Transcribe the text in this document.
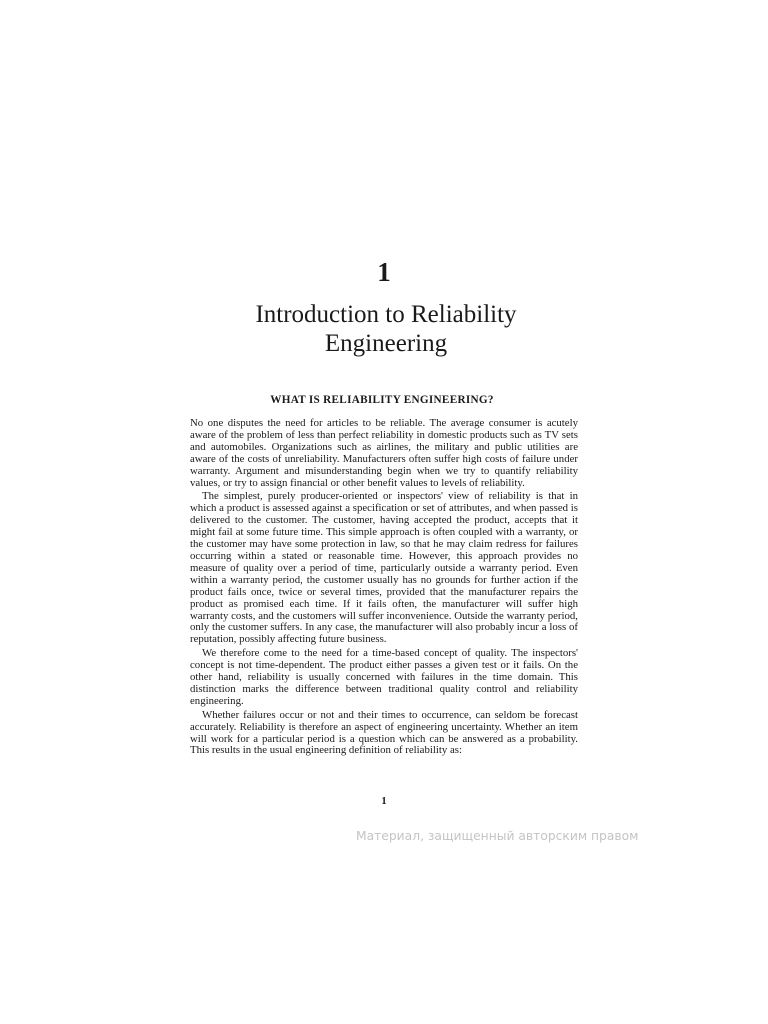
1
Introduction to Reliability
Engineering
WHAT IS RELIABILITY ENGINEERING?

No one disputes the need for articles to be reliable. The average consumer is acutely aware of the problem of less than perfect reliability in domestic products such as TV sets and automobiles. Organizations such as airlines, the military and public utilities are aware of the costs of unreliability. Manufacturers often suffer high costs of failure under warranty. Argument and misunderstanding begin when we try to quantify reliability values, or try to assign financial or other benefit values to levels of reliability.

The simplest, purely producer-oriented or inspectors' view of reliability is that in which a product is assessed against a specification or set of attributes, and when passed is delivered to the customer. The customer, having accepted the product, accepts that it might fail at some future time. This simple approach is often coupled with a warranty, or the customer may have some protection in law, so that he may claim redress for failures occurring within a stated or reasonable time. However, this approach provides no measure of quality over a period of time, particularly outside a warranty period. Even within a warranty period, the customer usually has no grounds for further action if the product fails once, twice or several times, provided that the manufacturer repairs the product as promised each time. If it fails often, the manufacturer will suffer high warranty costs, and the customers will suffer inconvenience. Outside the warranty period, only the customer suffers. In any case, the manufacturer will also probably incur a loss of reputation, possibly affecting future business.

We therefore come to the need for a time-based concept of quality. The inspectors' concept is not time-dependent. The product either passes a given test or it fails. On the other hand, reliability is usually concerned with failures in the time domain. This distinction marks the difference between traditional quality control and reliability engineering.

Whether failures occur or not and their times to occurrence, can seldom be forecast accurately. Reliability is therefore an aspect of engineering uncertainty. Whether an item will work for a particular period is a question which can be answered as a probability. This results in the usual engineering definition of reliability as:

1
Материал, защищенный авторским правом
